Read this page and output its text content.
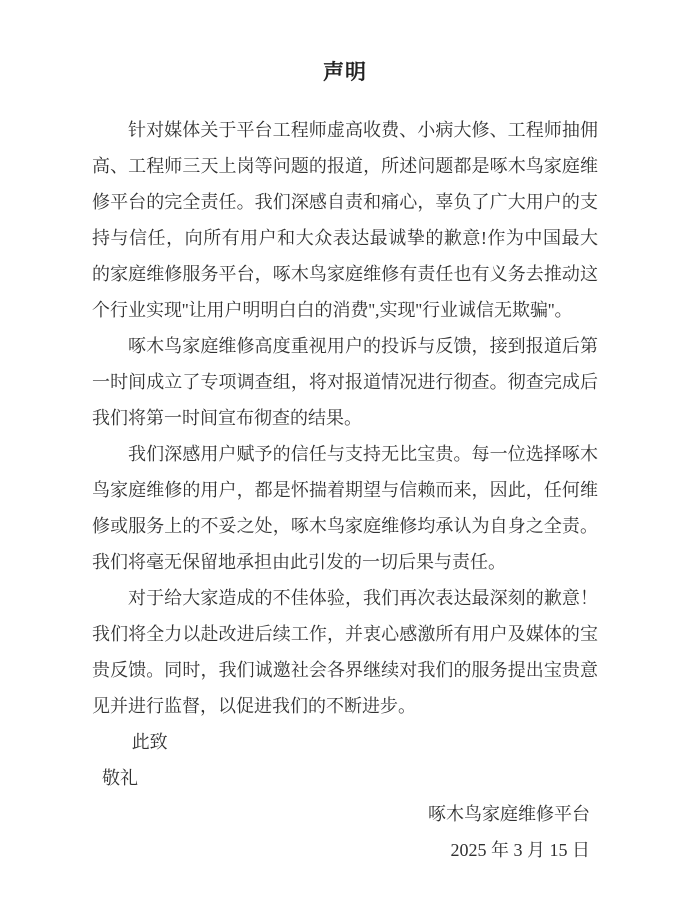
声明

针对媒体关于平台工程师虚高收费、小病大修、工程师抽佣高、工程师三天上岗等问题的报道，所述问题都是啄木鸟家庭维修平台的完全责任。我们深感自责和痛心，辜负了广大用户的支持与信任，向所有用户和大众表达最诚挚的歉意!作为中国最大的家庭维修服务平台，啄木鸟家庭维修有责任也有义务去推动这个行业实现''让用户明明白白的消费'',实现''行业诚信无欺骗''。

啄木鸟家庭维修高度重视用户的投诉与反馈，接到报道后第一时间成立了专项调查组，将对报道情况进行彻查。彻查完成后我们将第一时间宣布彻查的结果。

我们深感用户赋予的信任与支持无比宝贵。每一位选择啄木鸟家庭维修的用户，都是怀揣着期望与信赖而来，因此，任何维修或服务上的不妥之处，啄木鸟家庭维修均承认为自身之全责。我们将毫无保留地承担由此引发的一切后果与责任。

对于给大家造成的不佳体验，我们再次表达最深刻的歉意！我们将全力以赴改进后续工作，并衷心感激所有用户及媒体的宝贵反馈。同时，我们诚邀社会各界继续对我们的服务提出宝贵意见并进行监督，以促进我们的不断进步。

此致

敬礼

啄木鸟家庭维修平台

2025 年 3 月 15 日
